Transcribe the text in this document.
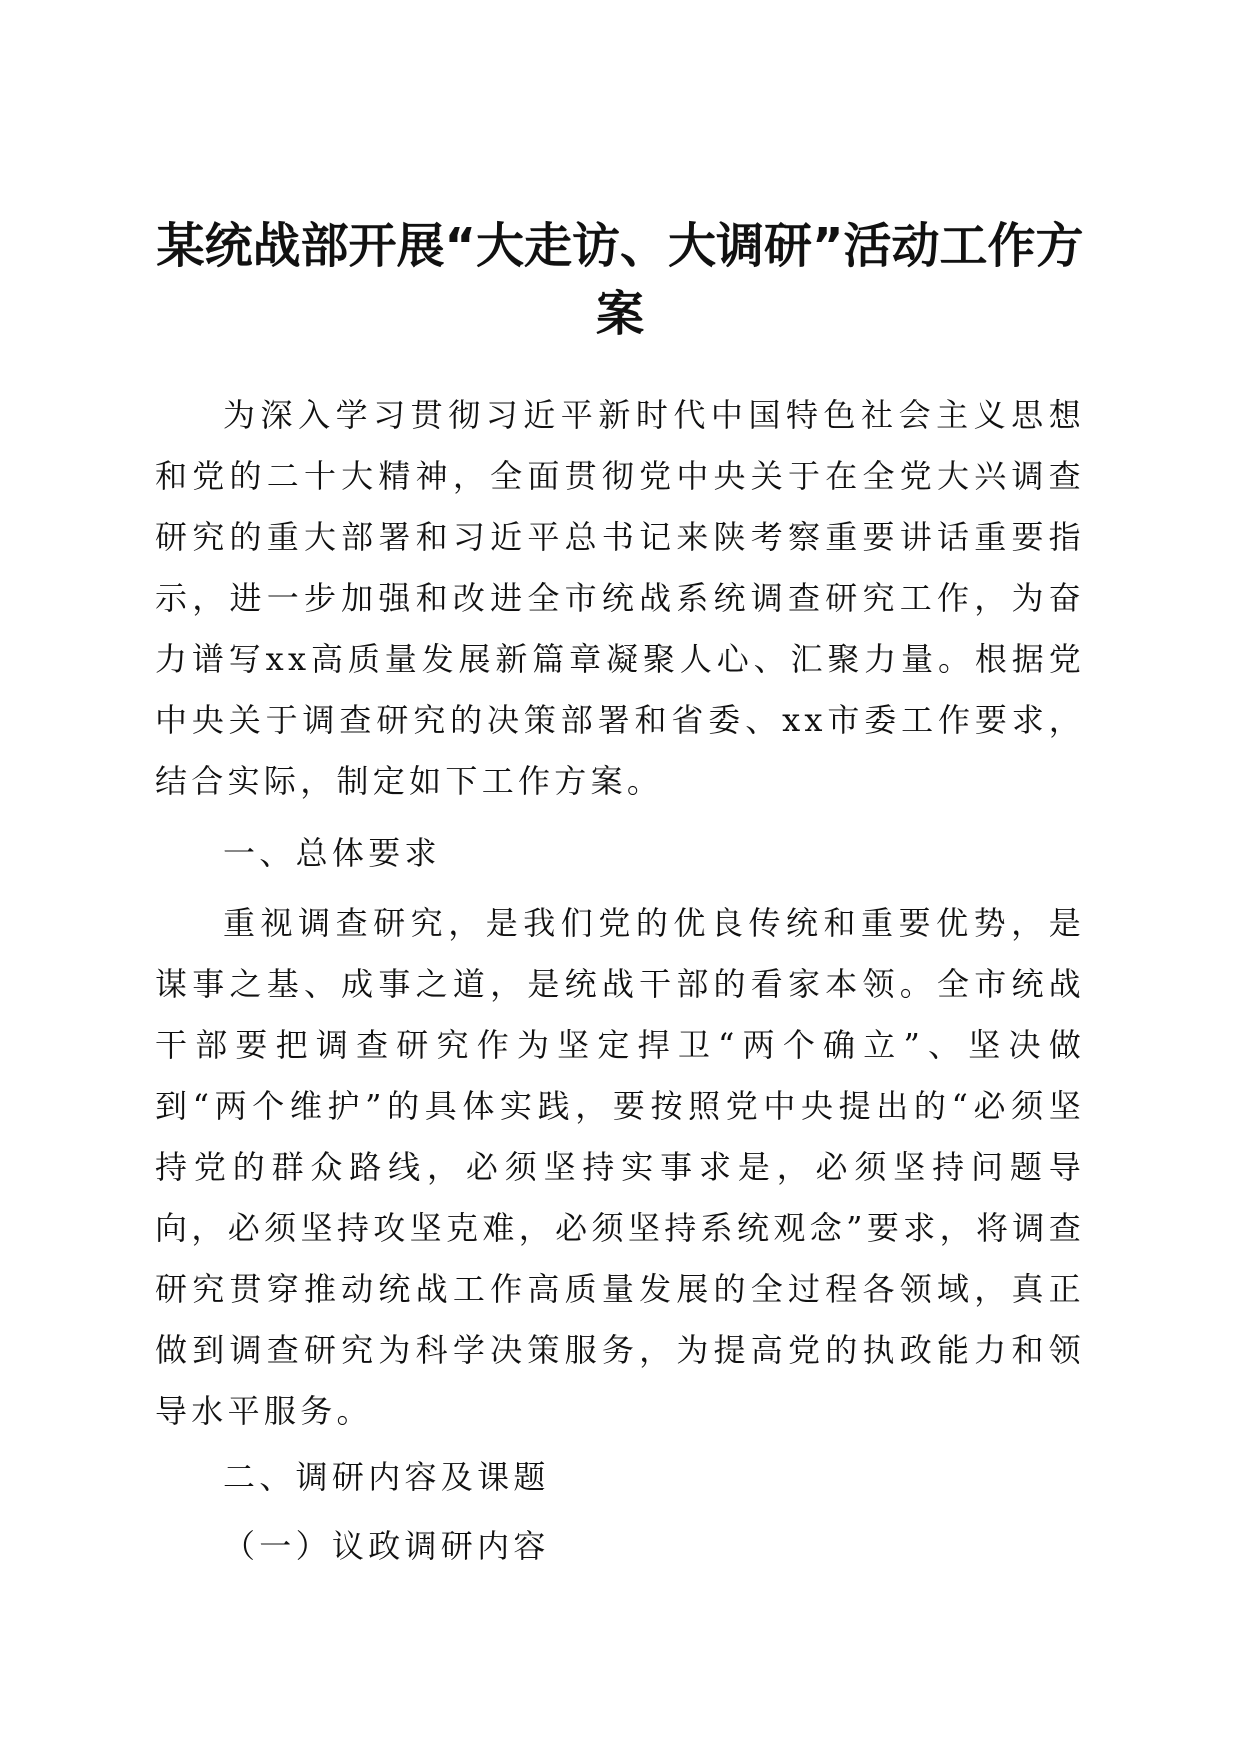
某统战部开展“大走访、大调研”活动工作方案
为深入学习贯彻习近平新时代中国特色社会主义思想和党的二十大精神，全面贯彻党中央关于在全党大兴调查研究的重大部署和习近平总书记来陕考察重要讲话重要指示，进一步加强和改进全市统战系统调查研究工作，为奋力谱写xx高质量发展新篇章凝聚人心、汇聚力量。根据党中央关于调查研究的决策部署和省委、xx市委工作要求，结合实际，制定如下工作方案。
一、总体要求
重视调查研究，是我们党的优良传统和重要优势，是谋事之基、成事之道，是统战干部的看家本领。全市统战干部要把调查研究作为坚定捍卫“两个确立”、坚决做到“两个维护”的具体实践，要按照党中央提出的“必须坚持党的群众路线，必须坚持实事求是，必须坚持问题导向，必须坚持攻坚克难，必须坚持系统观念”要求，将调查研究贯穿推动统战工作高质量发展的全过程各领域，真正做到调查研究为科学决策服务，为提高党的执政能力和领导水平服务。
二、调研内容及课题
（一）议政调研内容
